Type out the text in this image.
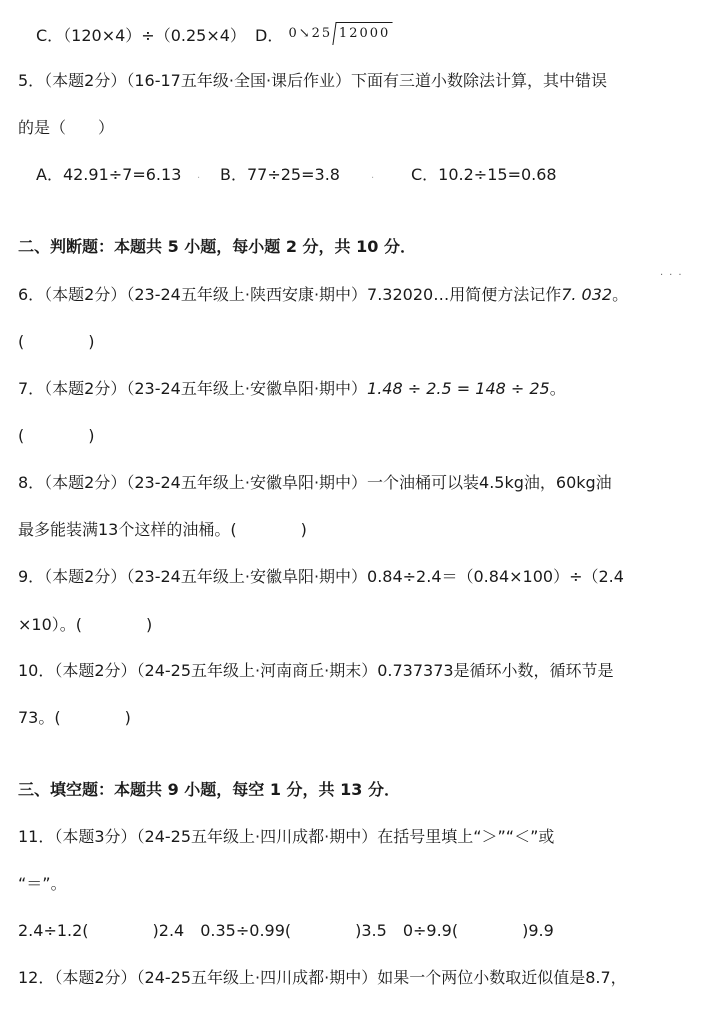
C．（120×4）÷（0.25×4） D． 0↘25 12000
5．（本题2分）（16-17五年级·全国·课后作业）下面有三道小数除法计算，其中错误
的是（　　）
A．42.91÷7=6.13 . B．77÷25=3.8	. C．10.2÷15=0.68
二、判断题：本题共 5 小题，每小题 2 分，共 10 分．
6．（本题2分）（23-24五年级上·陕西安康·期中）7.32020…用简便方法记作7. 032。
···
(　　　　)
7．（本题2分）（23-24五年级上·安徽阜阳·期中）1.48 ÷ 2.5 = 148 ÷ 25。
(　　　　)
8．（本题2分）（23-24五年级上·安徽阜阳·期中）一个油桶可以装4.5kg油，60kg油
最多能装满13个这样的油桶。(　　　　)
9．（本题2分）（23-24五年级上·安徽阜阳·期中）0.84÷2.4＝（0.84×100）÷（2.4
×10）。(　　　　)
10．（本题2分）（24-25五年级上·河南商丘·期末）0.737373是循环小数，循环节是
73。(　　　　)
三、填空题：本题共 9 小题，每空 1 分，共 13 分．
11．（本题3分）（24-25五年级上·四川成都·期中）在括号里填上“＞”“＜”或
“＝”。
2.4÷1.2(　　　　)2.4　0.35÷0.99(　　　　)3.5　0÷9.9(　　　　)9.9
12．（本题2分）（24-25五年级上·四川成都·期中）如果一个两位小数取近似值是8.7，
